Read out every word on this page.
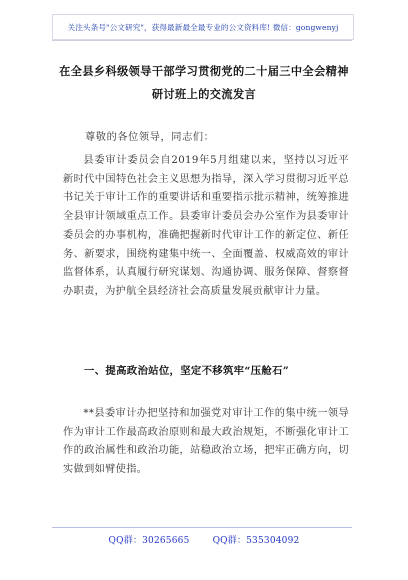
关注头条号"公文研究"，获得最新最全最专业的公文资料库! 微信：gongwenyj
在全县乡科级领导干部学习贯彻党的二十届三中全会精神
研讨班上的交流发言
尊敬的各位领导，同志们：
县委审计委员会自2019年5月组建以来，坚持以习近平新时代中国特色社会主义思想为指导，深入学习贯彻习近平总书记关于审计工作的重要讲话和重要指示批示精神，统筹推进全县审计领域重点工作。县委审计委员会办公室作为县委审计委员会的办事机构，准确把握新时代审计工作的新定位、新任务、新要求，围绕构建集中统一、全面覆盖、权威高效的审计监督体系，认真履行研究谋划、沟通协调、服务保障、督察督办职责，为护航全县经济社会高质量发展贡献审计力量。
一、提高政治站位，坚定不移筑牢“压舱石”
**县委审计办把坚持和加强党对审计工作的集中统一领导作为审计工作最高政治原则和最大政治规矩，不断强化审计工作的政治属性和政治功能，站稳政治立场，把牢正确方向，切实做到如臂使指。
QQ群：30265665	QQ群：535304092
